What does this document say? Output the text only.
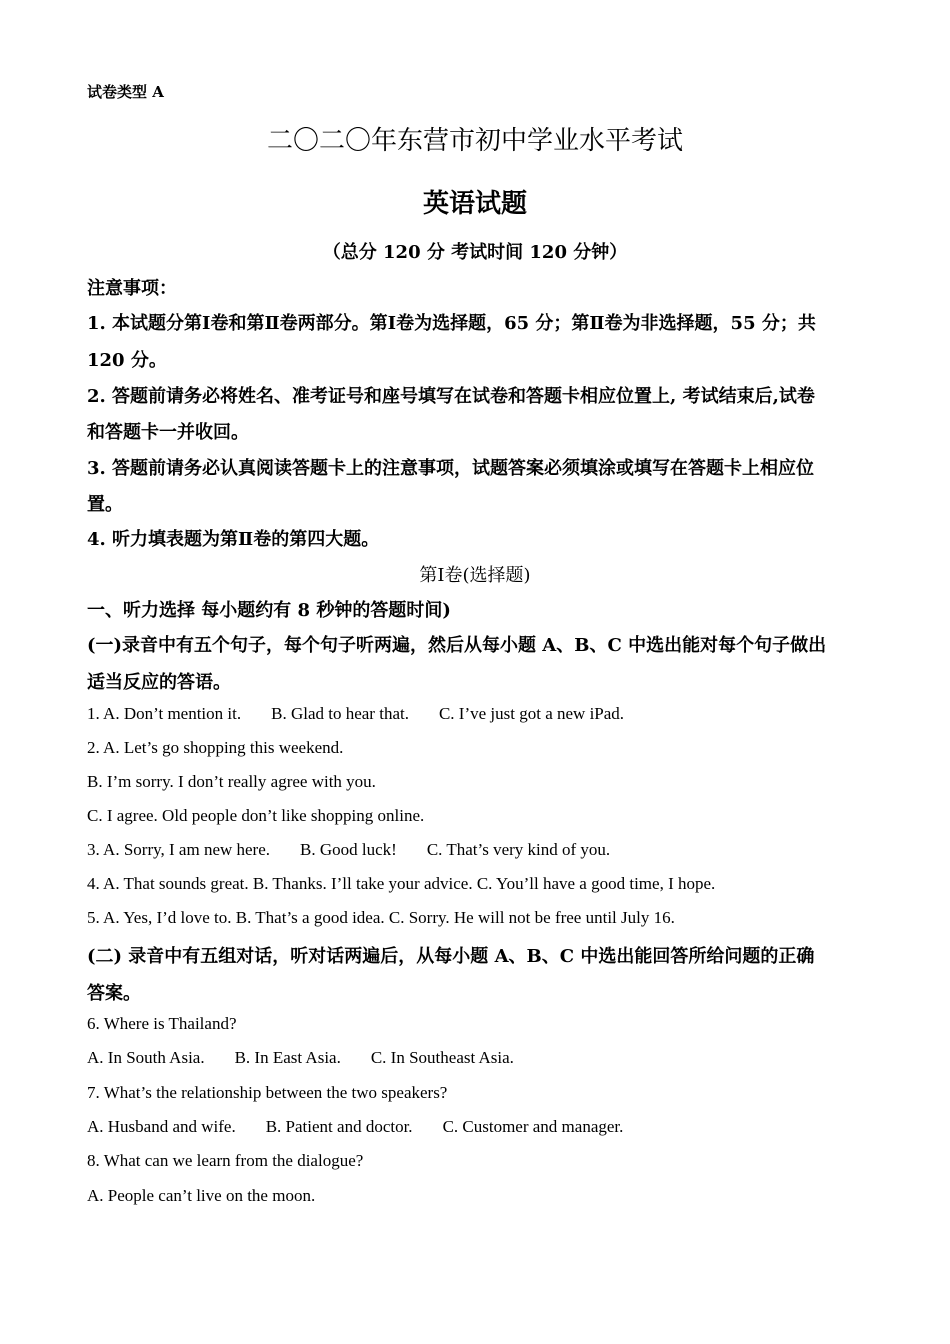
试卷类型 A
二〇二〇年东营市初中学业水平考试
英语试题
（总分 120 分 考试时间 120 分钟）
注意事项：
1. 本试题分第Ⅰ卷和第Ⅱ卷两部分。第Ⅰ卷为选择题，65 分；第Ⅱ卷为非选择题，55 分；共
120 分。
2. 答题前请务必将姓名、准考证号和座号填写在试卷和答题卡相应位置上, 考试结束后,试卷
和答题卡一并收回。
3. 答题前请务必认真阅读答题卡上的注意事项，试题答案必须填涂或填写在答题卡上相应位
置。
4. 听力填表题为第Ⅱ卷的第四大题。
第Ⅰ卷(选择题)
一、听力选择 每小题约有 8 秒钟的答题时间)
(一)录音中有五个句子，每个句子听两遍，然后从每小题 A、B、C 中选出能对每个句子做出
适当反应的答语。
1. A. Don’t mention it. B. Glad to hear that. C. I’ve just got a new iPad.
2. A. Let’s go shopping this weekend.
B. I’m sorry. I don’t really agree with you.
C. I agree. Old people don’t like shopping online.
3. A. Sorry, I am new here. B. Good luck! C. That’s very kind of you.
4. A. That sounds great. B. Thanks. I’ll take your advice. C. You’ll have a good time, I hope.
5. A. Yes, I’d love to. B. That’s a good idea. C. Sorry. He will not be free until July 16.
(二) 录音中有五组对话，听对话两遍后，从每小题 A、B、C 中选出能回答所给问题的正确
答案。
6. Where is Thailand?
A. In South Asia. B. In East Asia. C. In Southeast Asia.
7. What’s the relationship between the two speakers?
A. Husband and wife. B. Patient and doctor. C. Customer and manager.
8. What can we learn from the dialogue?
A. People can’t live on the moon.
